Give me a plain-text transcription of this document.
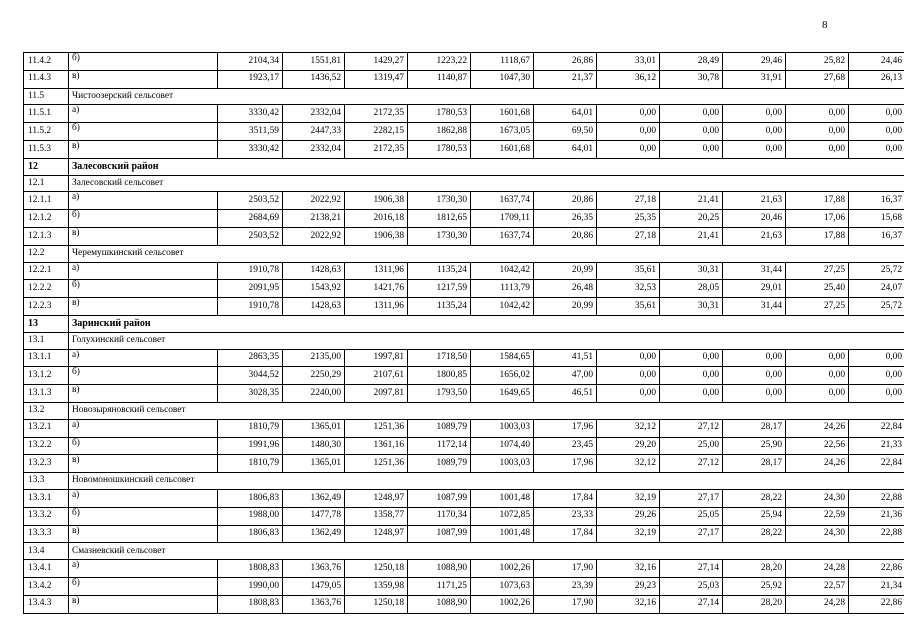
8
11.4.2	б)	2104,34	1551,81	1429,27	1223,22	1118,67	26,86	33,01	28,49	29,46	25,82	24,46
11.4.3	в)	1923,17	1436,52	1319,47	1140,87	1047,30	21,37	36,12	30,78	31,91	27,68	26,13
11.5	Чистоозерский сельсовет											
11.5.1	а)	3330,42	2332,04	2172,35	1780,53	1601,68	64,01	0,00	0,00	0,00	0,00	0,00
11.5.2	б)	3511,59	2447,33	2282,15	1862,88	1673,05	69,50	0,00	0,00	0,00	0,00	0,00
11.5.3	в)	3330,42	2332,04	2172,35	1780,53	1601,68	64,01	0,00	0,00	0,00	0,00	0,00
12	Залесовский район											
12.1	Залесовский сельсовет											
12.1.1	а)	2503,52	2022,92	1906,38	1730,30	1637,74	20,86	27,18	21,41	21,63	17,88	16,37
12.1.2	б)	2684,69	2138,21	2016,18	1812,65	1709,11	26,35	25,35	20,25	20,46	17,06	15,68
12.1.3	в)	2503,52	2022,92	1906,38	1730,30	1637,74	20,86	27,18	21,41	21,63	17,88	16,37
12.2	Черемушкинский сельсовет											
12.2.1	а)	1910,78	1428,63	1311,96	1135,24	1042,42	20,99	35,61	30,31	31,44	27,25	25,72
12.2.2	б)	2091,95	1543,92	1421,76	1217,59	1113,79	26,48	32,53	28,05	29,01	25,40	24,07
12.2.3	в)	1910,78	1428,63	1311,96	1135,24	1042,42	20,99	35,61	30,31	31,44	27,25	25,72
13	Заринский район											
13.1	Голухинский сельсовет											
13.1.1	а)	2863,35	2135,00	1997,81	1718,50	1584,65	41,51	0,00	0,00	0,00	0,00	0,00
13.1.2	б)	3044,52	2250,29	2107,61	1800,85	1656,02	47,00	0,00	0,00	0,00	0,00	0,00
13.1.3	в)	3028,35	2240,00	2097,81	1793,50	1649,65	46,51	0,00	0,00	0,00	0,00	0,00
13.2	Новозыряновский сельсовет											
13.2.1	а)	1810,79	1365,01	1251,36	1089,79	1003,03	17,96	32,12	27,12	28,17	24,26	22,84
13.2.2	б)	1991,96	1480,30	1361,16	1172,14	1074,40	23,45	29,20	25,00	25,90	22,56	21,33
13.2.3	в)	1810,79	1365,01	1251,36	1089,79	1003,03	17,96	32,12	27,12	28,17	24,26	22,84
13.3	Новомоношкинский сельсовет											
13.3.1	а)	1806,83	1362,49	1248,97	1087,99	1001,48	17,84	32,19	27,17	28,22	24,30	22,88
13.3.2	б)	1988,00	1477,78	1358,77	1170,34	1072,85	23,33	29,26	25,05	25,94	22,59	21,36
13.3.3	в)	1806,83	1362,49	1248,97	1087,99	1001,48	17,84	32,19	27,17	28,22	24,30	22,88
13.4	Смазневский сельсовет											
13.4.1	а)	1808,83	1363,76	1250,18	1088,90	1002,26	17,90	32,16	27,14	28,20	24,28	22,86
13.4.2	б)	1990,00	1479,05	1359,98	1171,25	1073,63	23,39	29,23	25,03	25,92	22,57	21,34
13.4.3	в)	1808,83	1363,76	1250,18	1088,90	1002,26	17,90	32,16	27,14	28,20	24,28	22,86
